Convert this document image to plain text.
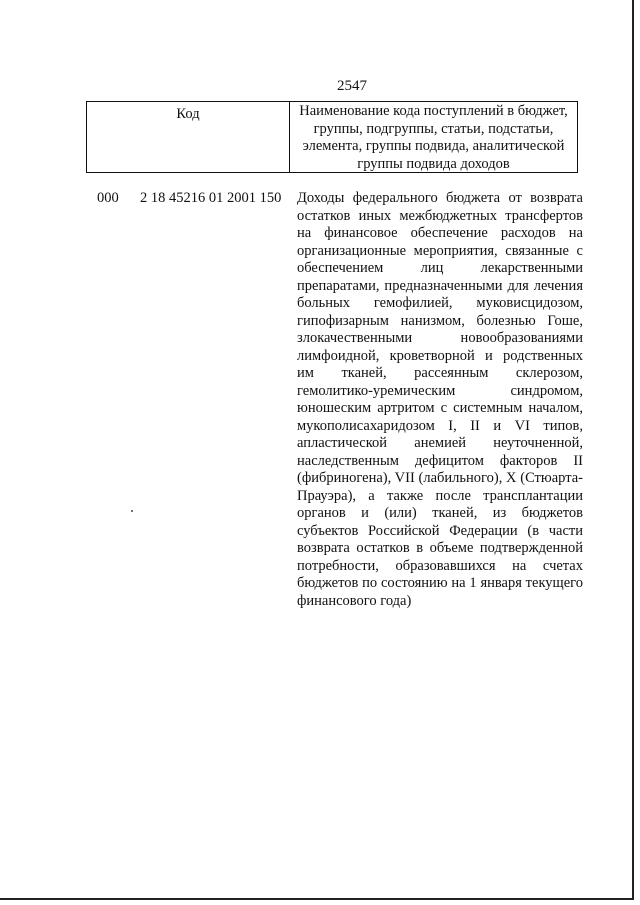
2547
Код	Наименование кода поступлений в бюджет, группы, подгруппы, статьи, подстатьи, элемента, группы подвида, аналитической группы подвида доходов
000 2 18 45216 01 2001 150 Доходы федерального бюджета от возврата остатков иных межбюджетных трансфертов на финансовое обеспечение расходов на организационные мероприятия, связанные с обеспечением лиц лекарственными препаратами, предназначенными для лечения больных гемофилией, муковисцидозом, гипофизарным нанизмом, болезнью Гоше, злокачественными новообразованиями лимфоидной, кроветворной и родственных им тканей, рассеянным склерозом, гемолитико-уремическим синдромом, юношеским артритом с системным началом, мукополисахаридозом I, II и VI типов, апластической анемией неуточненной, наследственным дефицитом факторов II (фибриногена), VII (лабильного), X (Стюарта-Прауэра), а также после трансплантации органов и (или) тканей, из бюджетов субъектов Российской Федерации (в части возврата остатков в объеме подтвержденной потребности, образовавшихся на счетах бюджетов по состоянию на 1 января текущего финансового года)
